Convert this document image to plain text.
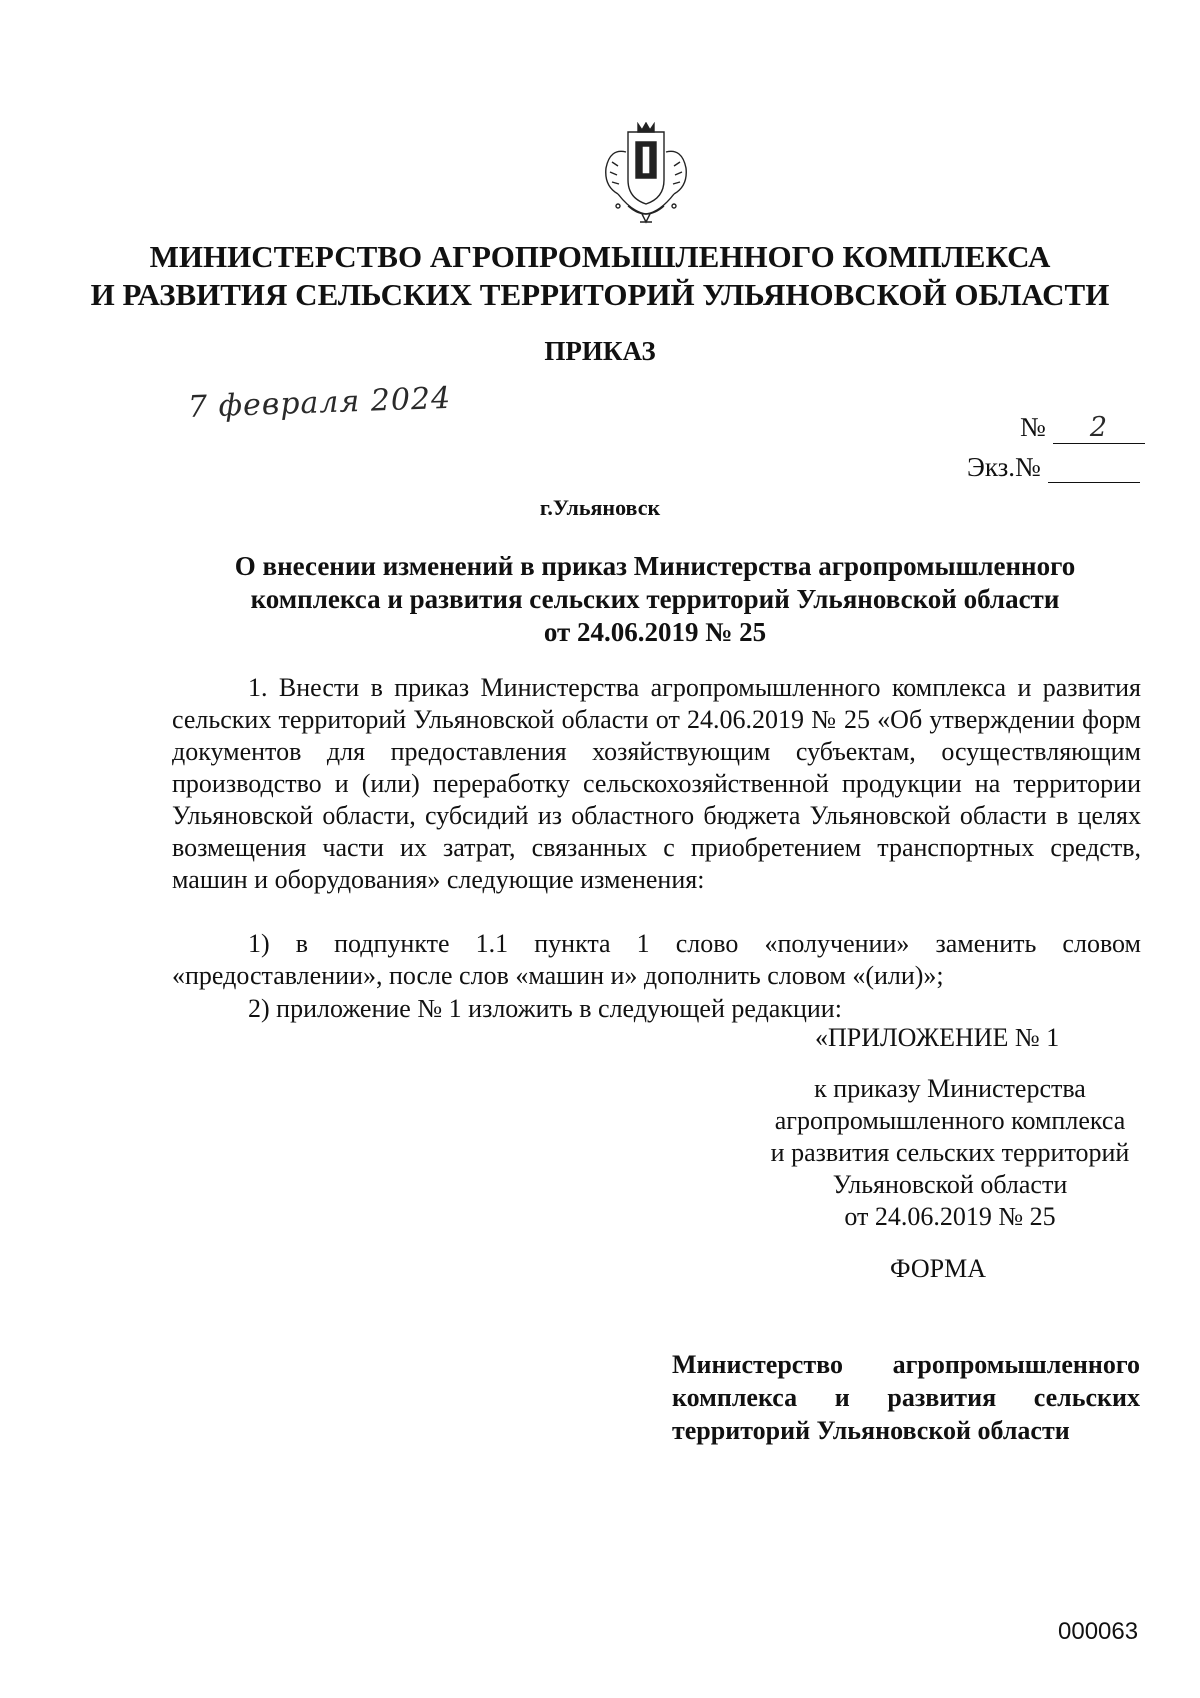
МИНИСТЕРСТВО АГРОПРОМЫШЛЕННОГО КОМПЛЕКСА
И РАЗВИТИЯ СЕЛЬСКИХ ТЕРРИТОРИЙ УЛЬЯНОВСКОЙ ОБЛАСТИ
ПРИКАЗ
7 февраля 2024
№ 2
Экз.№
г.Ульяновск
О внесении изменений в приказ Министерства агропромышленного
комплекса и развития сельских территорий Ульяновской области
от 24.06.2019 № 25
1. Внести в приказ Министерства агропромышленного комплекса и развития сельских территорий Ульяновской области от 24.06.2019 № 25 «Об утверждении форм документов для предоставления хозяйствующим субъектам, осуществляющим производство и (или) переработку сельскохозяйственной продукции на территории Ульяновской области, субсидий из областного бюджета Ульяновской области в целях возмещения части их затрат, связанных с приобретением транспортных средств, машин и оборудования» следующие изменения:
1) в подпункте 1.1 пункта 1 слово «получении» заменить словом «предоставлении», после слов «машин и» дополнить словом «(или)»;
2) приложение № 1 изложить в следующей редакции:
«ПРИЛОЖЕНИЕ № 1
к приказу Министерства
агропромышленного комплекса
и развития сельских территорий
Ульяновской области
от 24.06.2019 № 25
ФОРМА
Министерство агропромышленного комплекса и развития сельских территорий Ульяновской области
000063
